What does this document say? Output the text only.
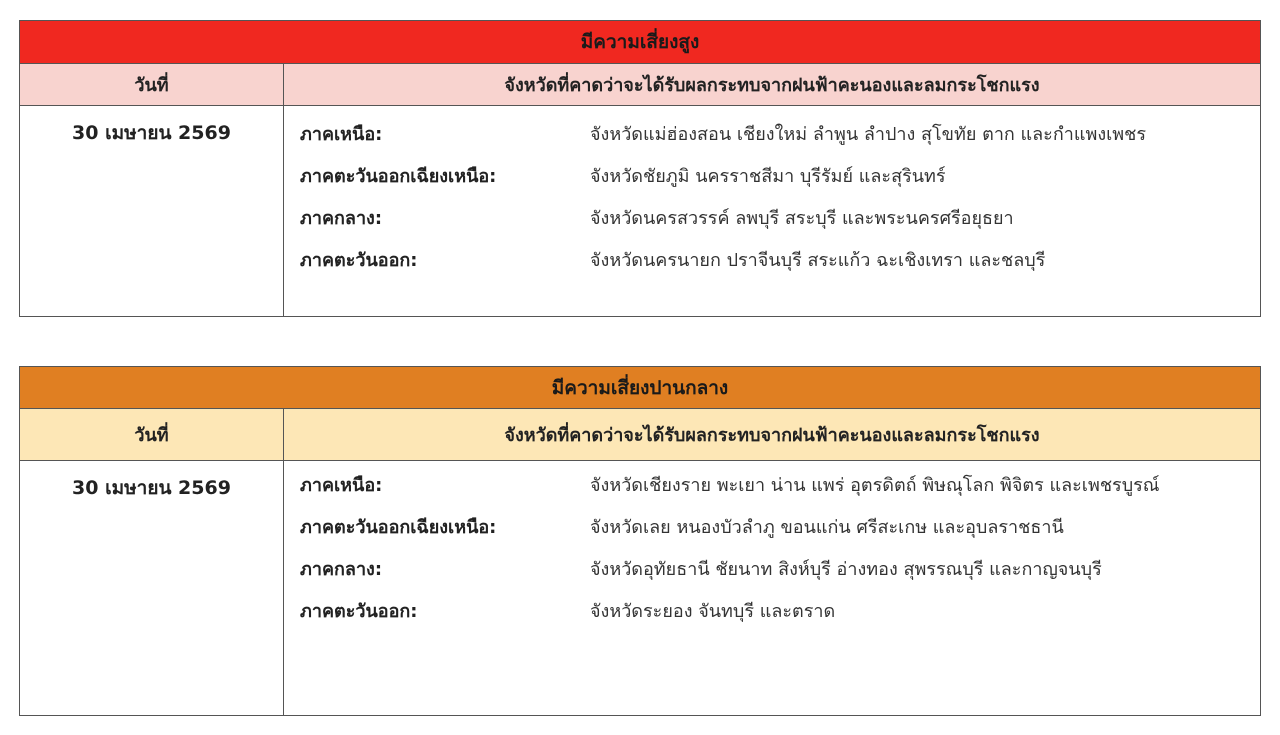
มีความเสี่ยงสูง
วันที่	จังหวัดที่คาดว่าจะได้รับผลกระทบจากฝนฟ้าคะนองและลมกระโชกแรง
30 เมษายน 2569	ภาคเหนือ:	จังหวัดแม่ฮ่องสอน เชียงใหม่ ลำพูน ลำปาง สุโขทัย ตาก และกำแพงเพชร
ภาคตะวันออกเฉียงเหนือ:	จังหวัดชัยภูมิ นครราชสีมา บุรีรัมย์ และสุรินทร์
ภาคกลาง:	จังหวัดนครสวรรค์ ลพบุรี สระบุรี และพระนครศรีอยุธยา
ภาคตะวันออก:	จังหวัดนครนายก ปราจีนบุรี สระแก้ว ฉะเชิงเทรา และชลบุรี
มีความเสี่ยงปานกลาง
วันที่	จังหวัดที่คาดว่าจะได้รับผลกระทบจากฝนฟ้าคะนองและลมกระโชกแรง
30 เมษายน 2569	ภาคเหนือ:	จังหวัดเชียงราย พะเยา น่าน แพร่ อุตรดิตถ์ พิษณุโลก พิจิตร และเพชรบูรณ์
ภาคตะวันออกเฉียงเหนือ:	จังหวัดเลย หนองบัวลำภู ขอนแก่น ศรีสะเกษ และอุบลราชธานี
ภาคกลาง:	จังหวัดอุทัยธานี ชัยนาท สิงห์บุรี อ่างทอง สุพรรณบุรี และกาญจนบุรี
ภาคตะวันออก:	จังหวัดระยอง จันทบุรี และตราด
